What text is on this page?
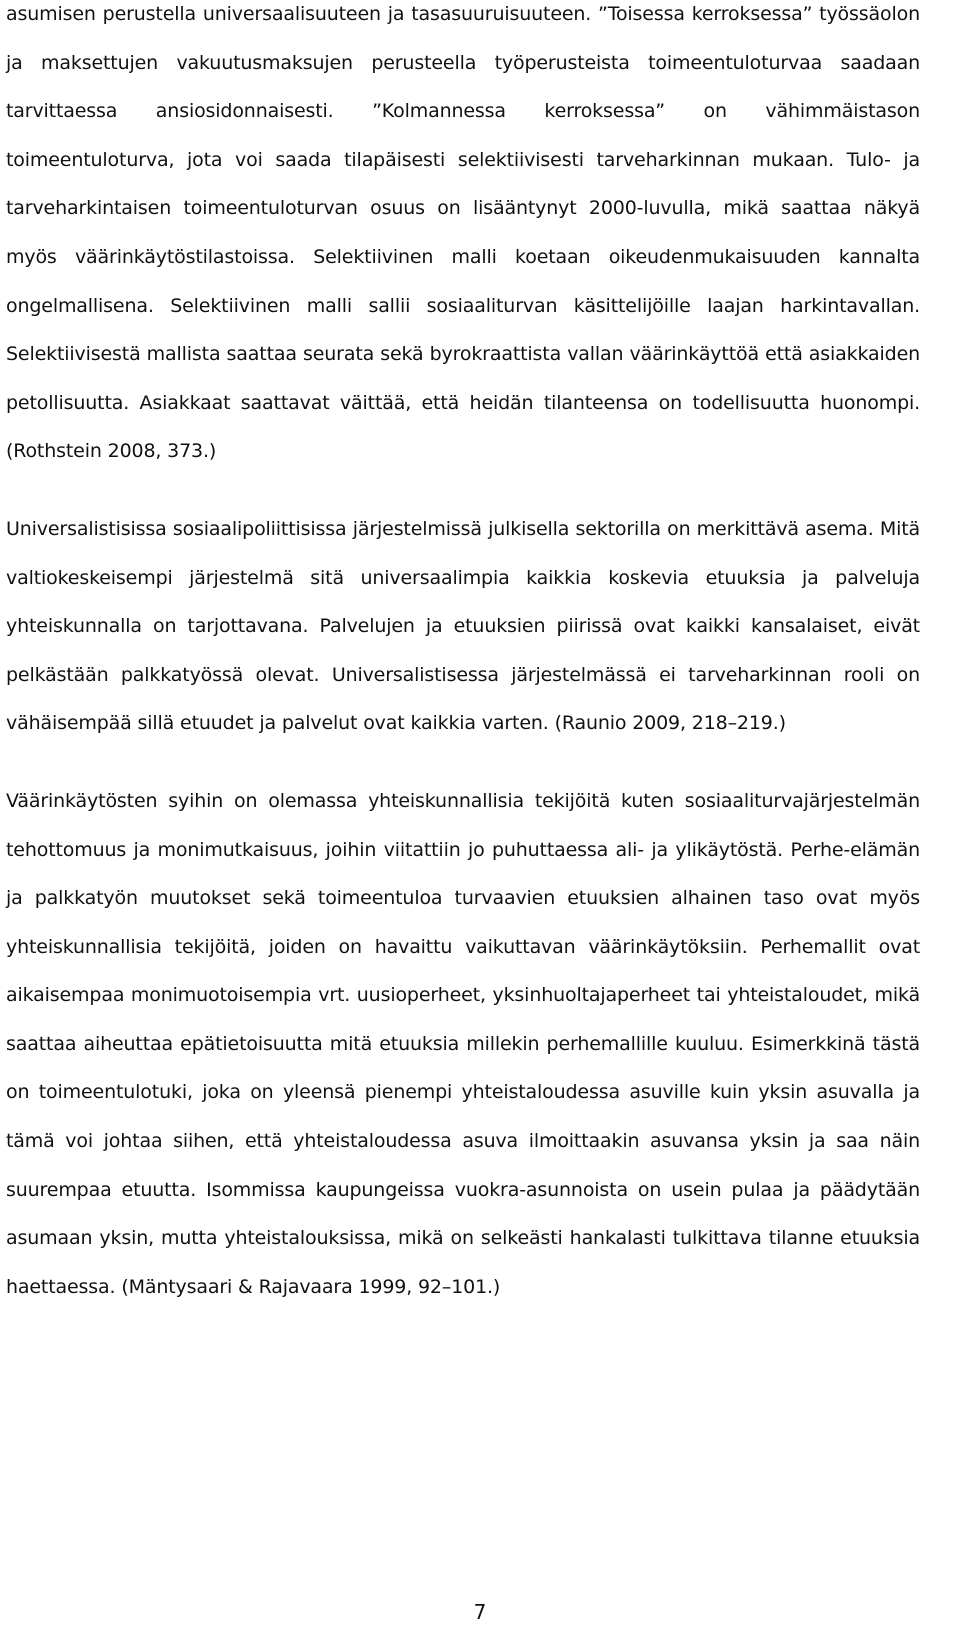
asumisen perustella universaalisuuteen ja tasasuuruisuuteen. ”Toisessa kerroksessa” työssäolon ja maksettujen vakuutusmaksujen perusteella työperusteista toimeentuloturvaa saadaan tarvittaessa ansiosidonnaisesti. ”Kolmannessa kerroksessa” on vähimmäistason toimeentuloturva, jota voi saada tilapäisesti selektiivisesti tarveharkinnan mukaan. Tulo- ja tarveharkintaisen toimeentuloturvan osuus on lisääntynyt 2000-luvulla, mikä saattaa näkyä myös väärinkäytöstilastoissa. Selektiivinen malli koetaan oikeudenmukaisuuden kannalta ongelmallisena. Selektiivinen malli sallii sosiaaliturvan käsittelijöille laajan harkintavallan. Selektiivisestä mallista saattaa seurata sekä byrokraattista vallan väärinkäyttöä että asiakkaiden petollisuutta. Asiakkaat saattavat väittää, että heidän tilanteensa on todellisuutta huonompi. (Rothstein 2008, 373.)

Universalistisissa sosiaalipoliittisissa järjestelmissä julkisella sektorilla on merkittävä asema. Mitä valtiokeskeisempi järjestelmä sitä universaalimpia kaikkia koskevia etuuksia ja palveluja yhteiskunnalla on tarjottavana. Palvelujen ja etuuksien piirissä ovat kaikki kansalaiset, eivät pelkästään palkkatyössä olevat. Universalistisessa järjestelmässä ei tarveharkinnan rooli on vähäisempää sillä etuudet ja palvelut ovat kaikkia varten. (Raunio 2009, 218–219.)

Väärinkäytösten syihin on olemassa yhteiskunnallisia tekijöitä kuten sosiaaliturvajärjestelmän tehottomuus ja monimutkaisuus, joihin viitattiin jo puhuttaessa ali- ja ylikäytöstä. Perhe-elämän ja palkkatyön muutokset sekä toimeentuloa turvaavien etuuksien alhainen taso ovat myös yhteiskunnallisia tekijöitä, joiden on havaittu vaikuttavan väärinkäytöksiin. Perhemallit ovat aikaisempaa monimuotoisempia vrt. uusioperheet, yksinhuoltajaperheet tai yhteistaloudet, mikä saattaa aiheuttaa epätietoisuutta mitä etuuksia millekin perhemallille kuuluu. Esimerkkinä tästä on toimeentulotuki, joka on yleensä pienempi yhteistaloudessa asuville kuin yksin asuvalla ja tämä voi johtaa siihen, että yhteistaloudessa asuva ilmoittaakin asuvansa yksin ja saa näin suurempaa etuutta. Isommissa kaupungeissa vuokra-asunnoista on usein pulaa ja päädytään asumaan yksin, mutta yhteistalouksissa, mikä on selkeästi hankalasti tulkittava tilanne etuuksia haettaessa. (Mäntysaari & Rajavaara 1999, 92–101.)

7
